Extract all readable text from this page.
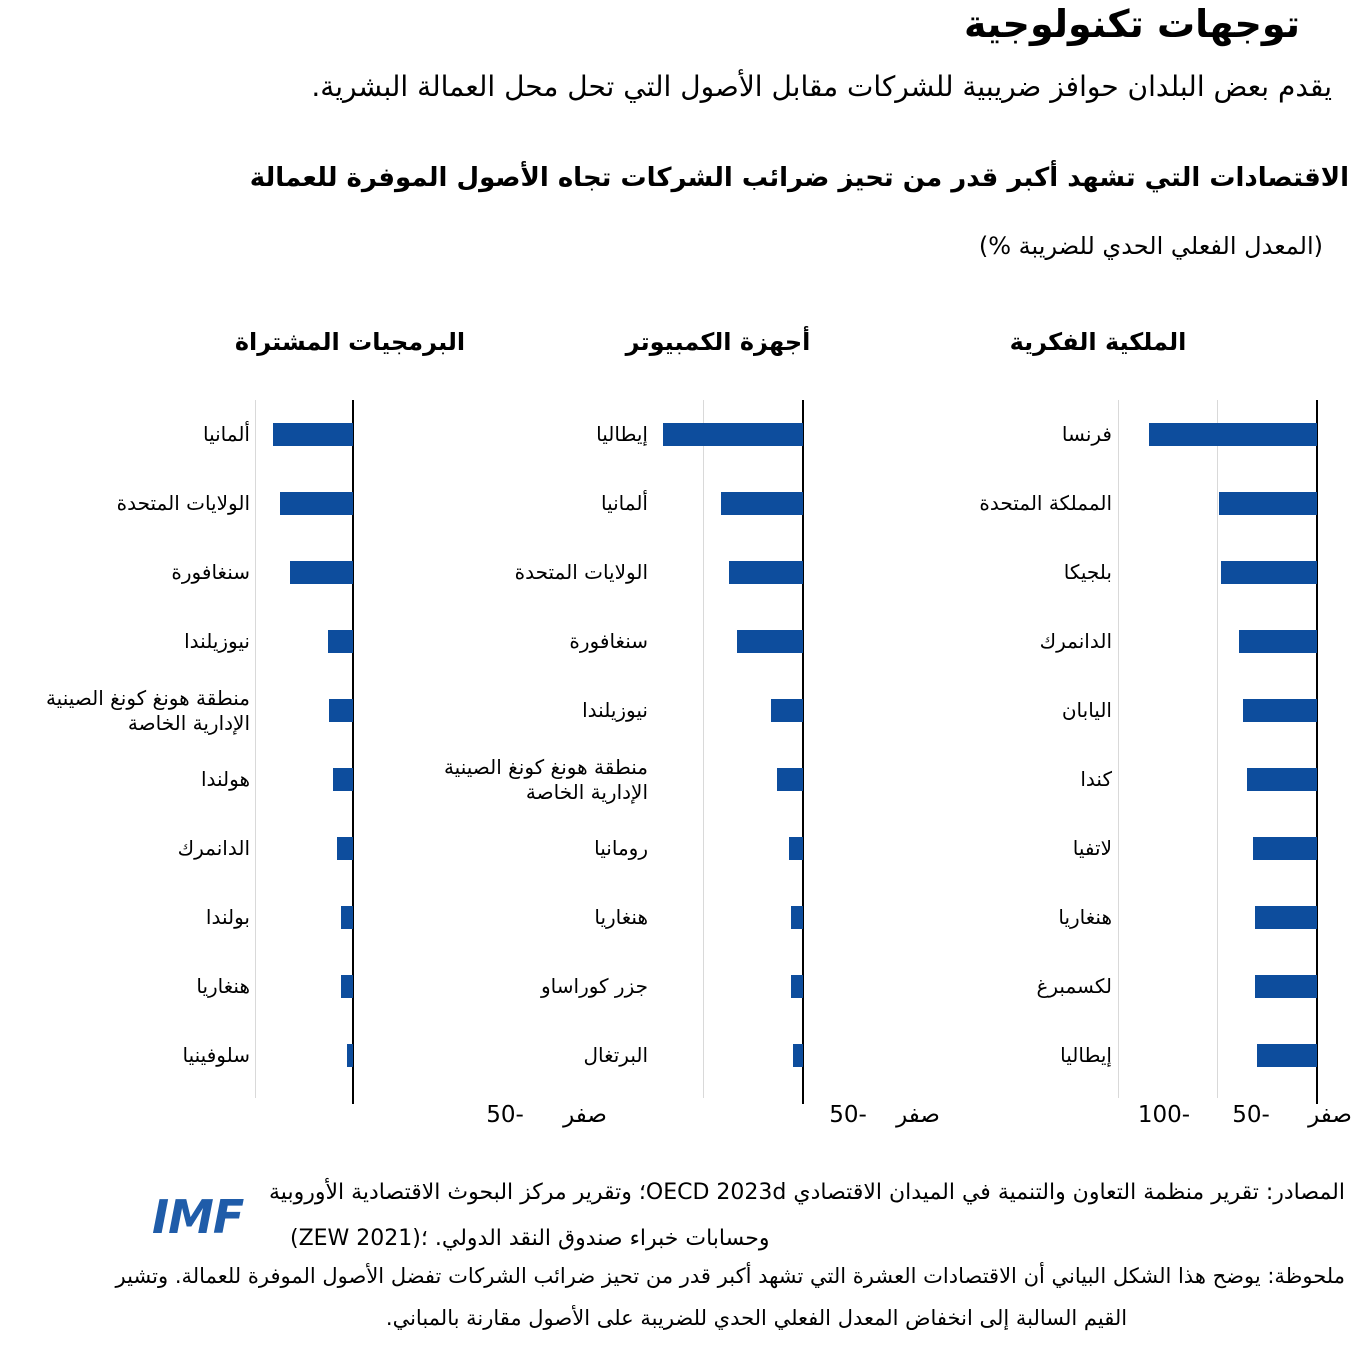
توجهات تكنولوجية
يقدم بعض البلدان حوافز ضريبية للشركات مقابل الأصول التي تحل محل العمالة البشرية.
الاقتصادات التي تشهد أكبر قدر من تحيز ضرائب الشركات تجاه الأصول الموفرة للعمالة
(المعدل الفعلي الحدي للضريبة %)
الملكية الفكرية
فرنسا
المملكة المتحدة
بلجيكا
الدانمرك
اليابان
كندا
لاتفيا
هنغاريا
لكسمبرغ
إيطاليا
صفر
50-
100-
أجهزة الكمبيوتر
إيطاليا
ألمانيا
الولايات المتحدة
سنغافورة
نيوزيلندا
منطقة هونغ كونغ الصينية الإدارية الخاصة
رومانيا
هنغاريا
جزر كوراساو
البرتغال
صفر
50-
البرمجيات المشتراة
ألمانيا
الولايات المتحدة
سنغافورة
نيوزيلندا
منطقة هونغ كونغ الصينية الإدارية الخاصة
هولندا
الدانمرك
بولندا
هنغاريا
سلوفينيا
صفر
50-
IMF المصادر: تقرير منظمة التعاون والتنمية في الميدان الاقتصادي OECD 2023d؛ وتقرير مركز البحوث الاقتصادية الأوروبية
(ZEW 2021)؛ وحسابات خبراء صندوق النقد الدولي.
ملحوظة: يوضح هذا الشكل البياني أن الاقتصادات العشرة التي تشهد أكبر قدر من تحيز ضرائب الشركات تفضل الأصول الموفرة للعمالة. وتشير
القيم السالبة إلى انخفاض المعدل الفعلي الحدي للضريبة على الأصول مقارنة بالمباني.
